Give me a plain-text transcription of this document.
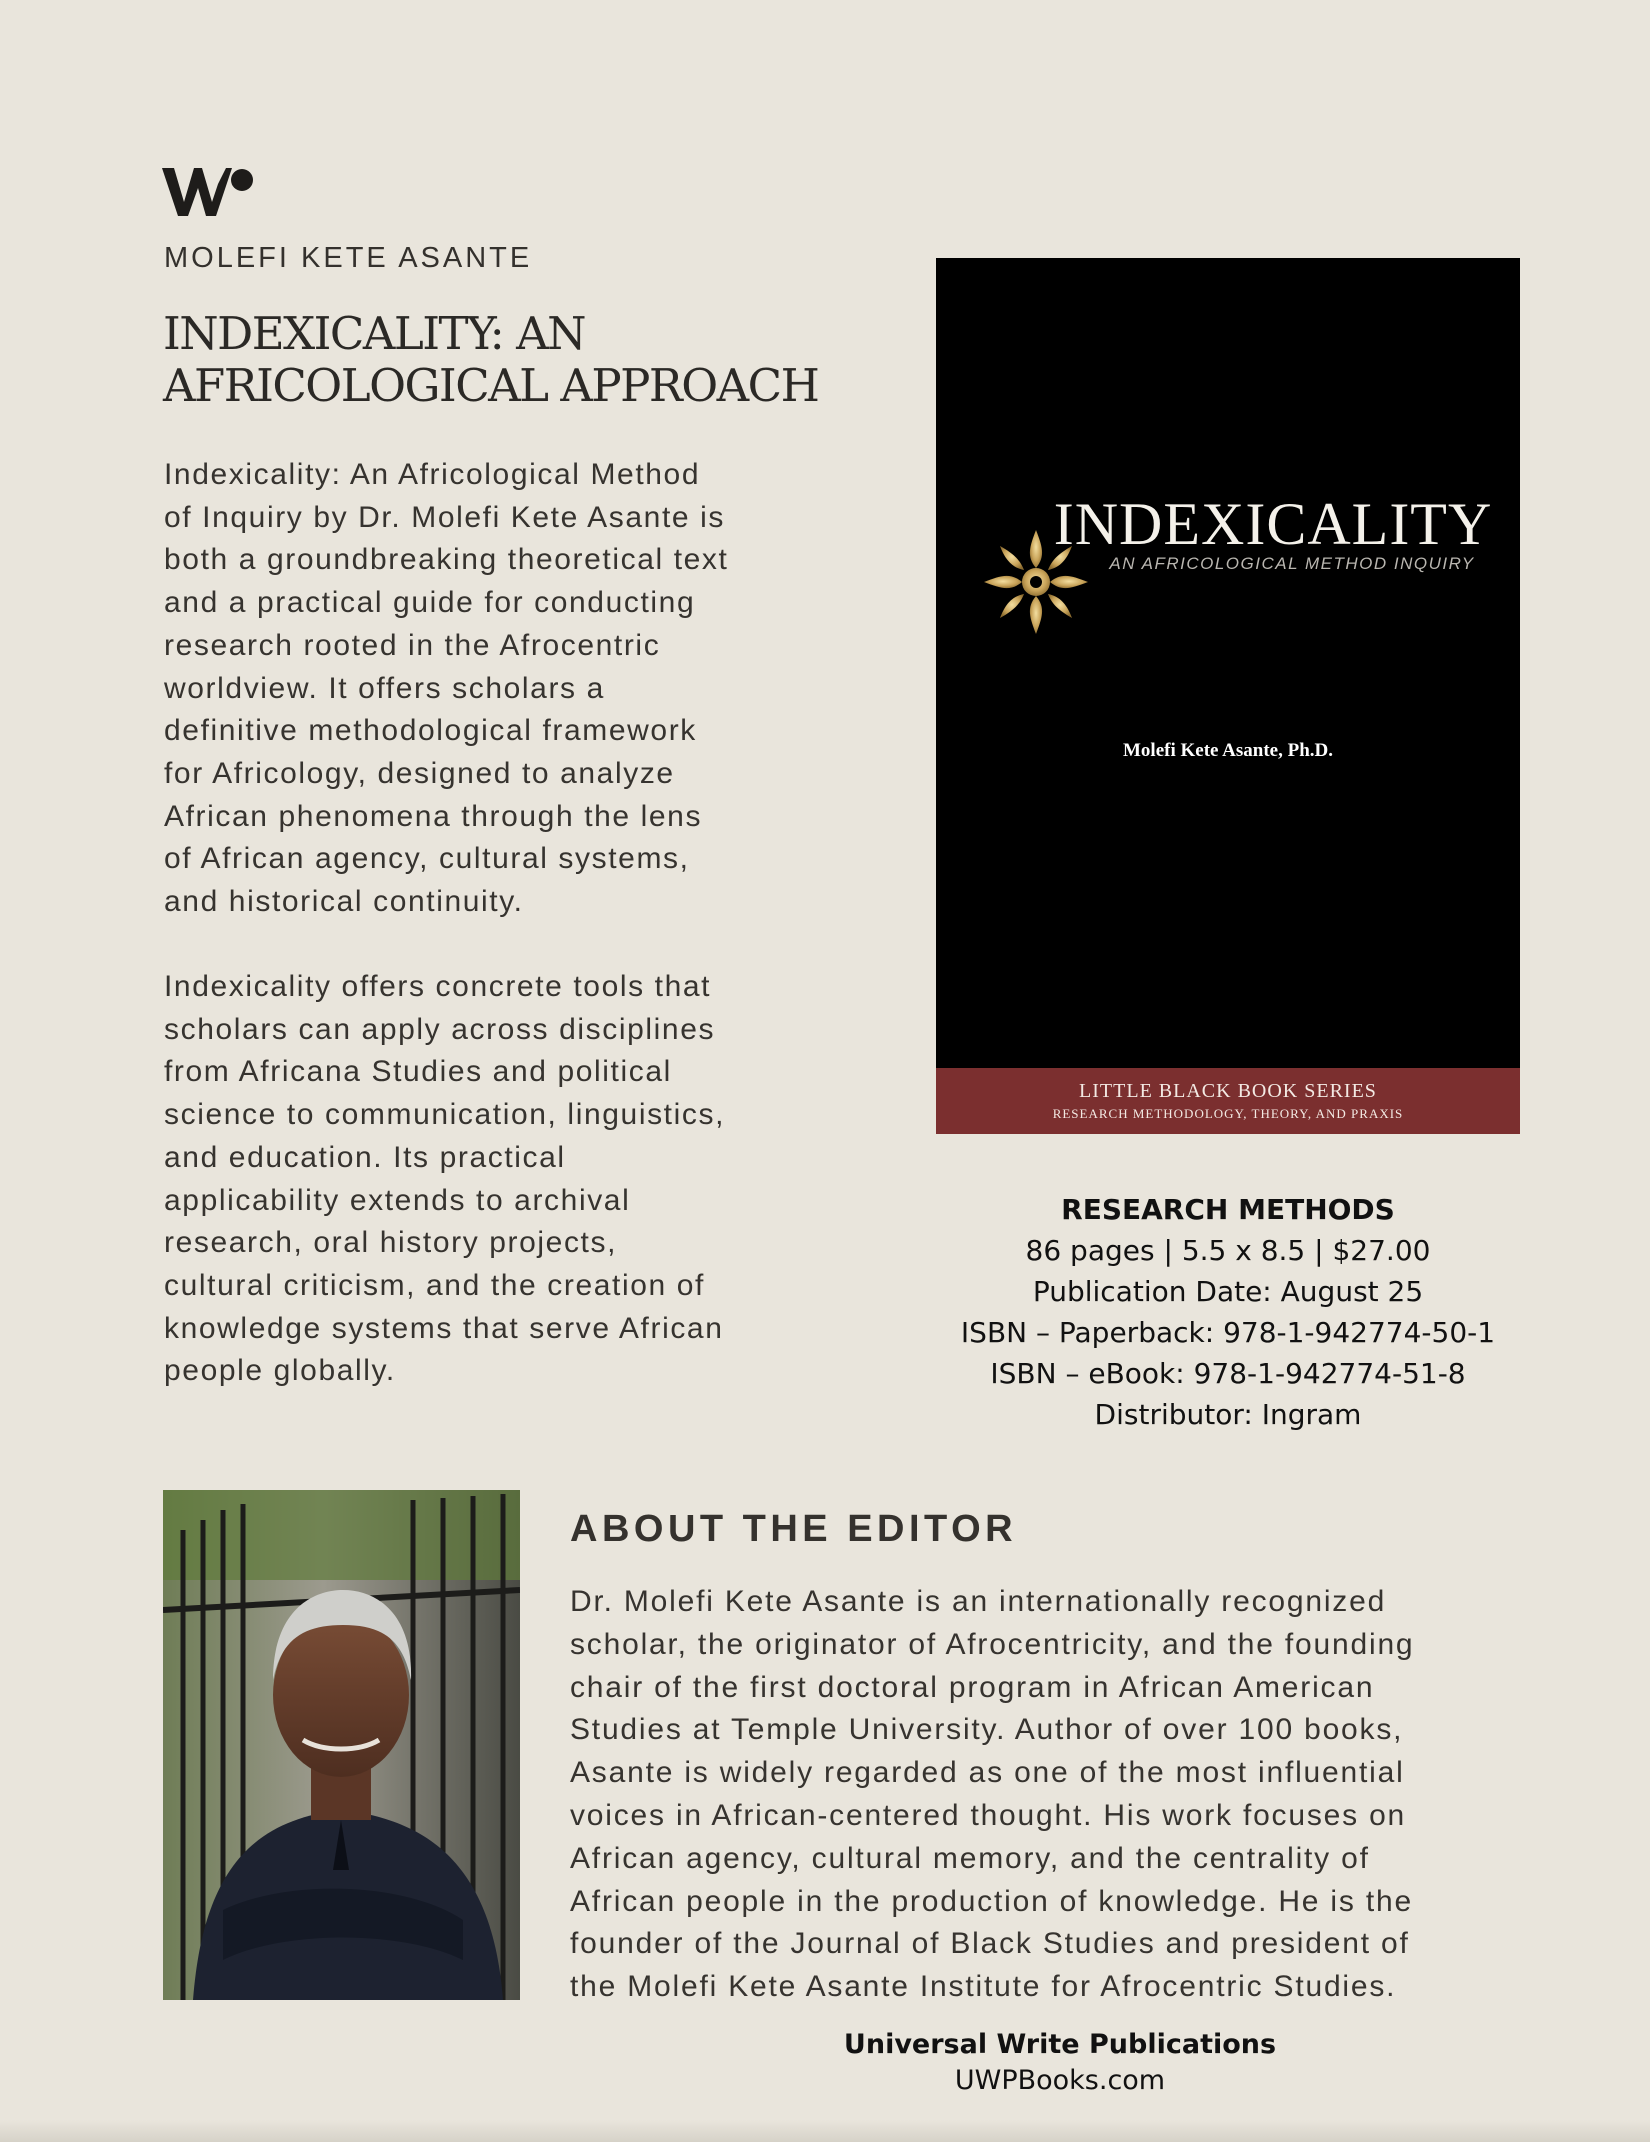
MOLEFI KETE ASANTE
INDEXICALITY: AN AFRICOLOGICAL APPROACH

Indexicality: An Africological Method
of Inquiry by Dr. Molefi Kete Asante is
both a groundbreaking theoretical text
and a practical guide for conducting
research rooted in the Afrocentric
worldview. It offers scholars a
definitive methodological framework
for Africology, designed to analyze
African phenomena through the lens
of African agency, cultural systems,
and historical continuity.

Indexicality offers concrete tools that
scholars can apply across disciplines
from Africana Studies and political
science to communication, linguistics,
and education. Its practical
applicability extends to archival
research, oral history projects,
cultural criticism, and the creation of
knowledge systems that serve African
people globally.

INDEXICALITY
AN AFRICOLOGICAL METHOD INQUIRY
Molefi Kete Asante, Ph.D.
LITTLE BLACK BOOK SERIES
RESEARCH METHODOLOGY, THEORY, AND PRAXIS
RESEARCH METHODS
86 pages | 5.5 x 8.5 | $27.00
Publication Date: August 25
ISBN – Paperback: 978-1-942774-50-1
ISBN – eBook: 978-1-942774-51-8
Distributor: Ingram
ABOUT THE EDITOR

Dr. Molefi Kete Asante is an internationally recognized
scholar, the originator of Afrocentricity, and the founding
chair of the first doctoral program in African American
Studies at Temple University. Author of over 100 books,
Asante is widely regarded as one of the most influential
voices in African-centered thought. His work focuses on
African agency, cultural memory, and the centrality of
African people in the production of knowledge. He is the
founder of the Journal of Black Studies and president of
the Molefi Kete Asante Institute for Afrocentric Studies.

Universal Write Publications
UWPBooks.com
